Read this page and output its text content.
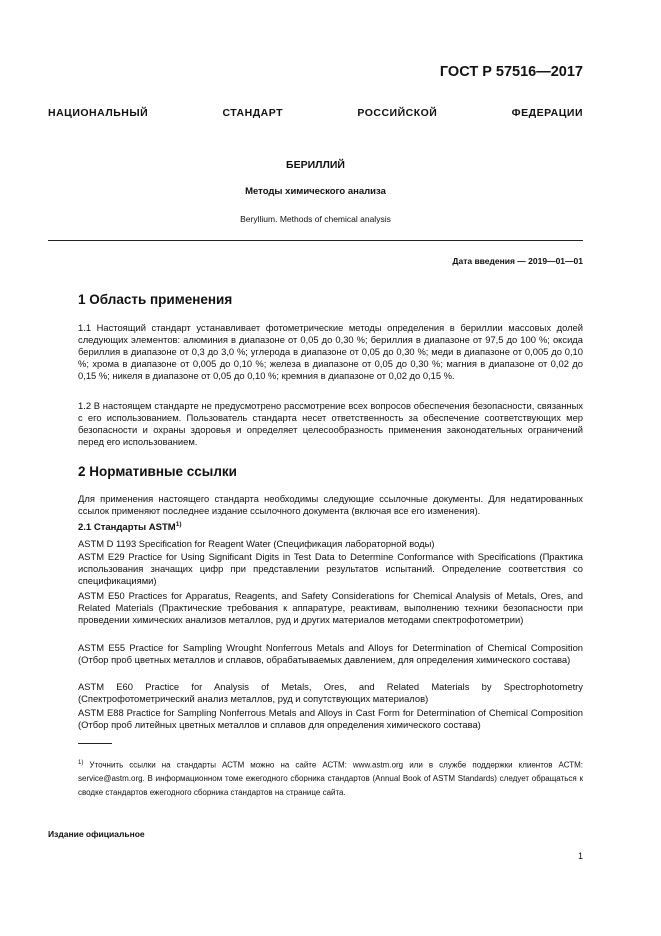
ГОСТ Р 57516—2017
НАЦИОНАЛЬНЫЙ СТАНДАРТ РОССИЙСКОЙ ФЕДЕРАЦИИ
БЕРИЛЛИЙ
Методы химического анализа
Beryllium. Methods of chemical analysis
Дата введения — 2019—01—01
1 Область применения
1.1 Настоящий стандарт устанавливает фотометрические методы определения в бериллии массовых долей следующих элементов: алюминия в диапазоне от 0,05 до 0,30 %; бериллия в диапазоне от 97,5 до 100 %; оксида бериллия в диапазоне от 0,3 до 3,0 %; углерода в диапазоне от 0,05 до 0,30 %; меди в диапазоне от 0,005 до 0,10 %; хрома в диапазоне от 0,005 до 0,10 %; железа в диапазоне от 0,05 до 0,30 %; магния в диапазоне от 0,02 до 0,15 %; никеля в диапазоне от 0,05 до 0,10 %; кремния в диапазоне от 0,02 до 0,15 %.
1.2 В настоящем стандарте не предусмотрено рассмотрение всех вопросов обеспечения безопасности, связанных с его использованием. Пользователь стандарта несет ответственность за обеспечение соответствующих мер безопасности и охраны здоровья и определяет целесообразность применения законодательных ограничений перед его использованием.
2 Нормативные ссылки
Для применения настоящего стандарта необходимы следующие ссылочные документы. Для недатированных ссылок применяют последнее издание ссылочного документа (включая все его изменения).
2.1 Стандарты ASTM$^{1)}$
ASTM D 1193 Specification for Reagent Water (Спецификация лабораторной воды)
ASTM E29 Practice for Using Significant Digits in Test Data to Determine Conformance with Specifications (Практика использования значащих цифр при представлении результатов испытаний. Определение соответствия со спецификациями)
ASTM E50 Practices for Apparatus, Reagents, and Safety Considerations for Chemical Analysis of Metals, Ores, and Related Materials (Практические требования к аппаратуре, реактивам, выполнению техники безопасности при проведении химических анализов металлов, руд и других материалов методами спектрофотометрии)
ASTM E55 Practice for Sampling Wrought Nonferrous Metals and Alloys for Determination of Chemical Composition (Отбор проб цветных металлов и сплавов, обрабатываемых давлением, для определения химического состава)
ASTM E60 Practice for Analysis of Metals, Ores, and Related Materials by Spectrophotometry (Спектрофотометрический анализ металлов, руд и сопутствующих материалов)
ASTM E88 Practice for Sampling Nonferrous Metals and Alloys in Cast Form for Determination of Chemical Composition (Отбор проб литейных цветных металлов и сплавов для определения химического состава)
$^{1)}$ Уточнить ссылки на стандарты АСТМ можно на сайте АСТМ: www.astm.org или в службе поддержки клиентов АСТМ: service@astm.org. В информационном томе ежегодного сборника стандартов (Annual Book of ASTM Standards) следует обращаться к сводке стандартов ежегодного сборника стандартов на странице сайта.
Издание официальное
1
